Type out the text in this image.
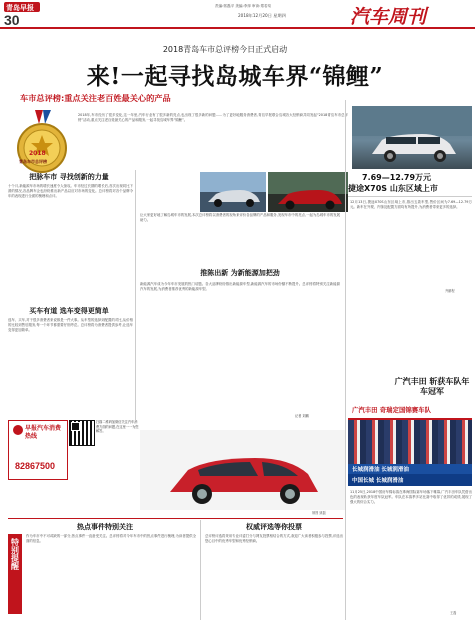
青岛早报
30
责编:郭磊平 美编:李萍 审读:郑若琰
2018年12月20日 星期四	汽车周刊
2018青岛车市总评榜今日正式启动
来!一起寻找岛城车界“锦鲤”
车市总评榜:重点关注老百姓最关心的产品
2018
青岛车市总评榜
2018年,车市经历了很多变化,这一年里,汽车行业有了很多新的亮点,也出现了很多新的问题……为了更好地服务消费者,青岛早报联合岛城各大经销商共同发起“2018青岛车市总评榜”活动,重点关注老百姓最关心的产品和服务,一起寻找岛城车界“锦鲤”。
7.69—12.79万元
捷途X70S 山东区域上市
12月13日,捷途X70S山东区域上市,推出五款车型,售价区间为7.69—12.79万元。新车在外观、内饰及配置方面均有所提升,为消费者带来更多的选择。
齐鹏程
把脉车市 寻找创新的力量
十个月,新能源车市场的增长速度令人惊叹。车市经过长期的增长后,首次出现同比下滑的情况,各品牌车企也纷纷推出新产品以应对市场的变化。总评榜将对各个品牌今年的表现进行全面的梳理和点评。
买车有道 选车变得更简单
选车、买车,对于很多消费者来说都是一件大事。从车型的选择到配置的对比,从价格的比较到售后服务,每一个环节都需要仔细考虑。总评榜将为消费者提供参考,让选车变得更加简单。
让大家更好地了解岛城车市的发展,本次总评榜将以消费者的视角来评价各品牌的产品和服务,发现车市中的亮点,一起为岛城车市的发展助力。
推陈出新 为新能源加把劲
新能源汽车成为今年车市发展的热门话题。各大品牌纷纷推出新能源车型,新能源汽车的市场份额不断提升。总评榜将特别关注新能源汽车的发展,为消费者推荐优秀的新能源车型。
记者 刘鹏
早报汽车消费热线
82867500
扫描二维码加微信关注汽车消费方面的问题,在这里一一为您解答。
制图 姚磊
热点事件特别关注
特别提醒
作为车市中不可或缺的一部分,热点事件一直备受关注。总评榜将对今年车市中的热点事件进行梳理,为读者提供全面的信息。
权威评选等你投票
总评榜评选将采用专业评委打分与网友投票相结合的方式,欢迎广大读者积极参与投票,评选出您心目中的优秀车型和优秀经销商。
广汽丰田 斩获车队年车冠军
广汽丰田 奇瑞定国锦赛车队
长城润滑油 长城润滑油
中国长城 长城润滑油
11月25日,2018中国房车锦标赛在珠海国际赛车场落下帷幕,广汽丰田车队凭借出色的表现斩获年度车队冠军。车队在本赛季多站比赛中取得了优异的成绩,展现了强大的综合实力。
王磊
